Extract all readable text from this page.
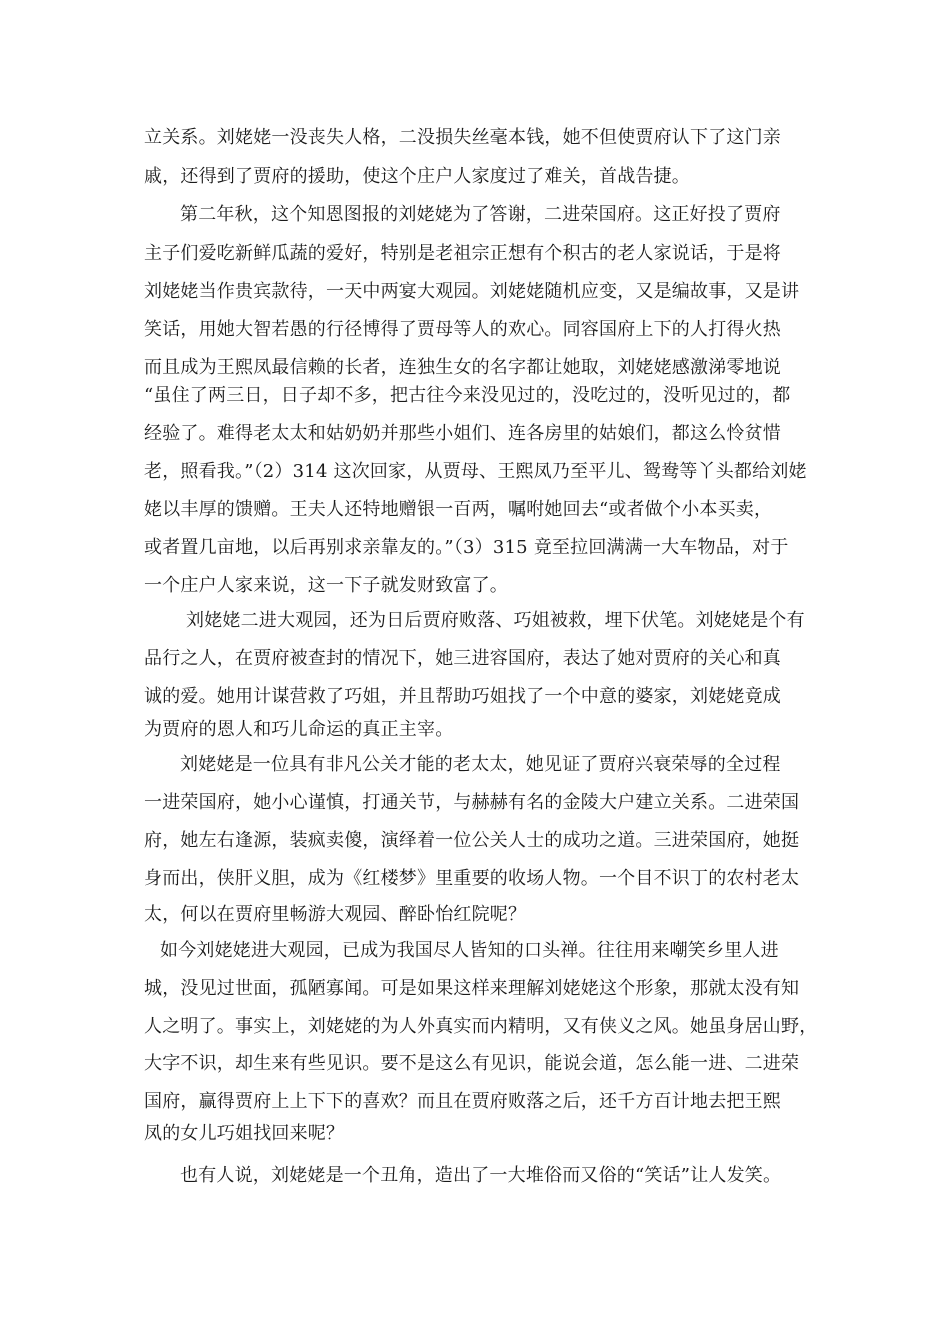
立关系。刘姥姥一没丧失人格，二没损失丝毫本钱，她不但使贾府认下了这门亲
戚，还得到了贾府的援助，使这个庄户人家度过了难关，首战告捷。
第二年秋，这个知恩图报的刘姥姥为了答谢，二进荣国府。这正好投了贾府
主子们爱吃新鲜瓜蔬的爱好，特别是老祖宗正想有个积古的老人家说话，于是将
刘姥姥当作贵宾款待，一天中两宴大观园。刘姥姥随机应变，又是编故事，又是讲
笑话，用她大智若愚的行径博得了贾母等人的欢心。同容国府上下的人打得火热
而且成为王熙凤最信赖的长者，连独生女的名字都让她取，刘姥姥感激涕零地说
“虽住了两三日，日子却不多，把古往今来没见过的，没吃过的，没听见过的，都
经验了。难得老太太和姑奶奶并那些小姐们、连各房里的姑娘们，都这么怜贫惜
老，照看我。”（2）314 这次回家，从贾母、王熙凤乃至平儿、鸳鸯等丫头都给刘姥
姥以丰厚的馈赠。王夫人还特地赠银一百两，嘱咐她回去“或者做个小本买卖，
或者置几亩地，以后再别求亲靠友的。”（3）315 竟至拉回满满一大车物品，对于
一个庄户人家来说，这一下子就发财致富了。
刘姥姥二进大观园，还为日后贾府败落、巧姐被救，埋下伏笔。刘姥姥是个有
品行之人，在贾府被查封的情况下，她三进容国府，表达了她对贾府的关心和真
诚的爱。她用计谋营救了巧姐，并且帮助巧姐找了一个中意的婆家，刘姥姥竟成
为贾府的恩人和巧儿命运的真正主宰。
刘姥姥是一位具有非凡公关才能的老太太，她见证了贾府兴衰荣辱的全过程
一进荣国府，她小心谨慎，打通关节，与赫赫有名的金陵大户建立关系。二进荣国
府，她左右逢源，装疯卖傻，演绎着一位公关人士的成功之道。三进荣国府，她挺
身而出，侠肝义胆，成为《红楼梦》里重要的收场人物。一个目不识丁的农村老太
太，何以在贾府里畅游大观园、醉卧怡红院呢？
如今刘姥姥进大观园，已成为我国尽人皆知的口头禅。往往用来嘲笑乡里人进
城，没见过世面，孤陋寡闻。可是如果这样来理解刘姥姥这个形象，那就太没有知
人之明了。事实上，刘姥姥的为人外真实而内精明，又有侠义之风。她虽身居山野，
大字不识，却生来有些见识。要不是这么有见识，能说会道，怎么能一进、二进荣
国府，赢得贾府上上下下的喜欢？而且在贾府败落之后，还千方百计地去把王熙
凤的女儿巧姐找回来呢？
也有人说，刘姥姥是一个丑角，造出了一大堆俗而又俗的“笑话”让人发笑。
